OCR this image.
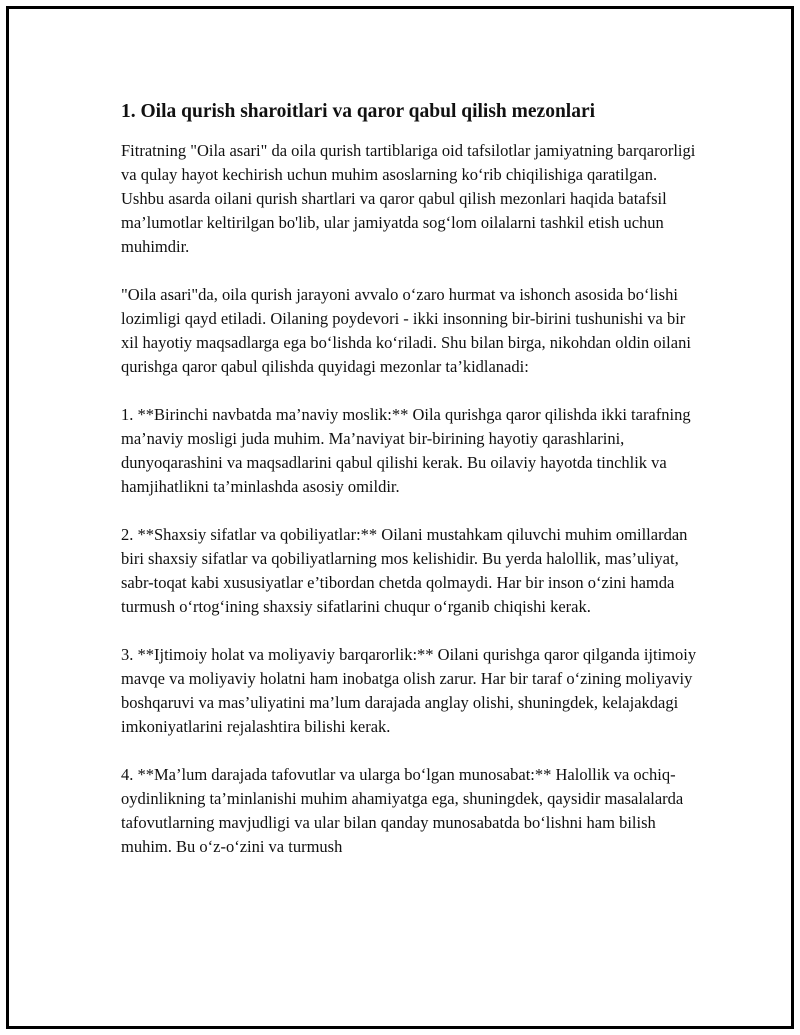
1. Oila qurish sharoitlari va qaror qabul qilish mezonlari

Fitratning "Oila asari" da oila qurish tartiblariga oid tafsilotlar jamiyatning barqarorligi va qulay hayot kechirish uchun muhim asoslarning ko‘rib chiqilishiga qaratilgan. Ushbu asarda oilani qurish shartlari va qaror qabul qilish mezonlari haqida batafsil ma’lumotlar keltirilgan bo'lib, ular jamiyatda sog‘lom oilalarni tashkil etish uchun muhimdir.

"Oila asari"da, oila qurish jarayoni avvalo o‘zaro hurmat va ishonch asosida bo‘lishi lozimligi qayd etiladi. Oilaning poydevori - ikki insonning bir-birini tushunishi va bir xil hayotiy maqsadlarga ega bo‘lishda ko‘riladi. Shu bilan birga, nikohdan oldin oilani qurishga qaror qabul qilishda quyidagi mezonlar ta’kidlanadi:

1. **Birinchi navbatda ma’naviy moslik:** Oila qurishga qaror qilishda ikki tarafning ma’naviy mosligi juda muhim. Ma’naviyat bir-birining hayotiy qarashlarini, dunyoqarashini va maqsadlarini qabul qilishi kerak. Bu oilaviy hayotda tinchlik va hamjihatlikni ta’minlashda asosiy omildir.

2. **Shaxsiy sifatlar va qobiliyatlar:** Oilani mustahkam qiluvchi muhim omillardan biri shaxsiy sifatlar va qobiliyatlarning mos kelishidir. Bu yerda halollik, mas’uliyat, sabr-toqat kabi xususiyatlar e’tibordan chetda qolmaydi. Har bir inson o‘zini hamda turmush o‘rtog‘ining shaxsiy sifatlarini chuqur o‘rganib chiqishi kerak.

3. **Ijtimoiy holat va moliyaviy barqarorlik:** Oilani qurishga qaror qilganda ijtimoiy mavqe va moliyaviy holatni ham inobatga olish zarur. Har bir taraf o‘zining moliyaviy boshqaruvi va mas’uliyatini ma’lum darajada anglay olishi, shuningdek, kelajakdagi imkoniyatlarini rejalashtira bilishi kerak.

4. **Ma’lum darajada tafovutlar va ularga bo‘lgan munosabat:** Halollik va ochiq-oydinlikning ta’minlanishi muhim ahamiyatga ega, shuningdek, qaysidir masalalarda tafovutlarning mavjudligi va ular bilan qanday munosabatda bo‘lishni ham bilish muhim. Bu o‘z-o‘zini va turmush
